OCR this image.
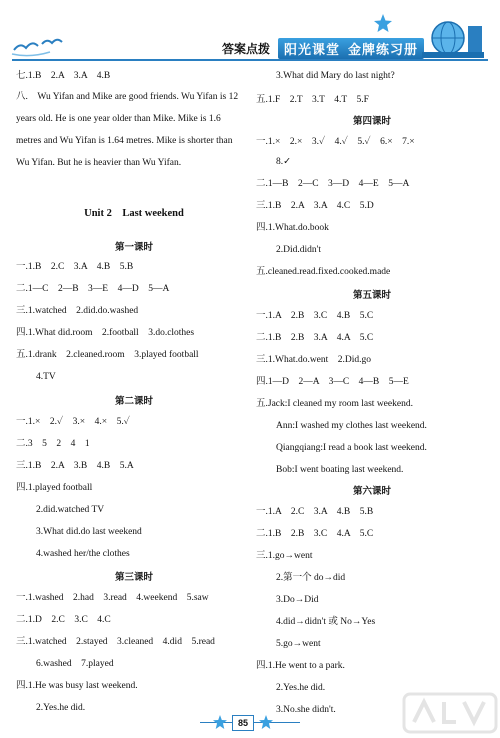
答案点拨	阳光课堂 金牌练习册
七.1.B　2.A　3.A　4.B
八.　Wu Yifan and Mike are good friends. Wu Yifan is 12 years old. He is one year older than Mike. Mike is 1.6 metres and Wu Yifan is 1.64 metres. Mike is shorter than Wu Yifan. But he is heavier than Wu Yifan.
Unit 2　Last weekend
第一课时
一.1.B　2.C　3.A　4.B　5.B
二.1—C　2—B　3—E　4—D　5—A
三.1.watched　2.did.do.washed
四.1.What did.room　2.football　3.do.clothes
五.1.drank　2.cleaned.room　3.played football
4.TV
第二课时
一.1.×　2.✓　3.×　4.×　5.✓
二.3　5　2　4　1
三.1.B　2.A　3.B　4.B　5.A
四.1.played football
2.did.watched TV
3.What did.do last weekend
4.washed her/the clothes
第三课时
一.1.washed　2.had　3.read　4.weekend　5.saw
二.1.D　2.C　3.C　4.C
三.1.watched　2.stayed　3.cleaned　4.did　5.read
6.washed　7.played
四.1.He was busy last weekend.
2.Yes.he did.
3.What did Mary do last night?
五.1.F　2.T　3.T　4.T　5.F
第四课时
一.1.×　2.×　3.✓　4.✓　5.✓　6.×　7.×
8.✓
二.1—B　2—C　3—D　4—E　5—A
三.1.B　2.A　3.A　4.C　5.D
四.1.What.do.book
2.Did.didn't
五.cleaned.read.fixed.cooked.made
第五课时
一.1.A　2.B　3.C　4.B　5.C
二.1.B　2.B　3.A　4.A　5.C
三.1.What.do.went　2.Did.go
四.1—D　2—A　3—C　4—B　5—E
五.Jack:I cleaned my room last weekend.
Ann:I washed my clothes last weekend.
Qiangqiang:I read a book last weekend.
Bob:I went boating last weekend.
第六课时
一.1.A　2.C　3.A　4.B　5.B
二.1.B　2.B　3.C　4.A　5.C
三.1.go→went
2.第一个 do→did
3.Do→Did
4.did→didn't 或 No→Yes
5.go→went
四.1.He went to a park.
2.Yes.he did.
3.No.she didn't.
85
